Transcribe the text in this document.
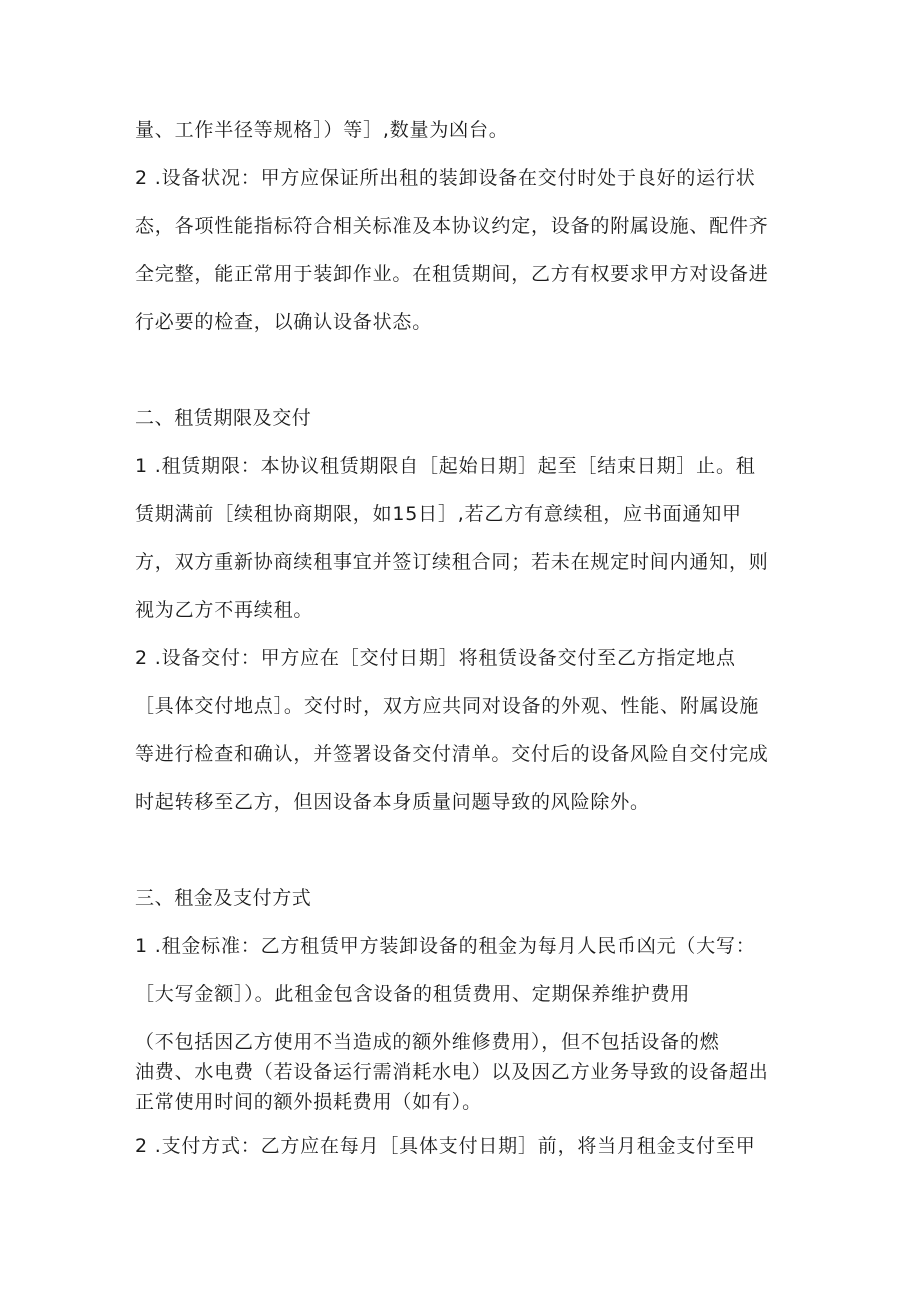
量、工作半径等规格］）等］,数量为凶台。
2 .设备状况：甲方应保证所出租的装卸设备在交付时处于良好的运行状
态，各项性能指标符合相关标准及本协议约定，设备的附属设施、配件齐
全完整，能正常用于装卸作业。在租赁期间，乙方有权要求甲方对设备进
行必要的检查，以确认设备状态。
二、租赁期限及交付
1 .租赁期限：本协议租赁期限自［起始日期］起至［结束日期］止。租
赁期满前［续租协商期限，如15日］,若乙方有意续租，应书面通知甲
方，双方重新协商续租事宜并签订续租合同；若未在规定时间内通知，则
视为乙方不再续租。
2 .设备交付：甲方应在［交付日期］将租赁设备交付至乙方指定地点
［具体交付地点］。交付时，双方应共同对设备的外观、性能、附属设施
等进行检查和确认，并签署设备交付清单。交付后的设备风险自交付完成
时起转移至乙方，但因设备本身质量问题导致的风险除外。
三、租金及支付方式
1 .租金标准：乙方租赁甲方装卸设备的租金为每月人民币凶元（大写：
［大写金额］）。此租金包含设备的租赁费用、定期保养维护费用
（不包括因乙方使用不当造成的额外维修费用），但不包括设备的燃
油费、水电费（若设备运行需消耗水电）以及因乙方业务导致的设备超出
正常使用时间的额外损耗费用（如有）。
2 .支付方式：乙方应在每月［具体支付日期］前，将当月租金支付至甲
